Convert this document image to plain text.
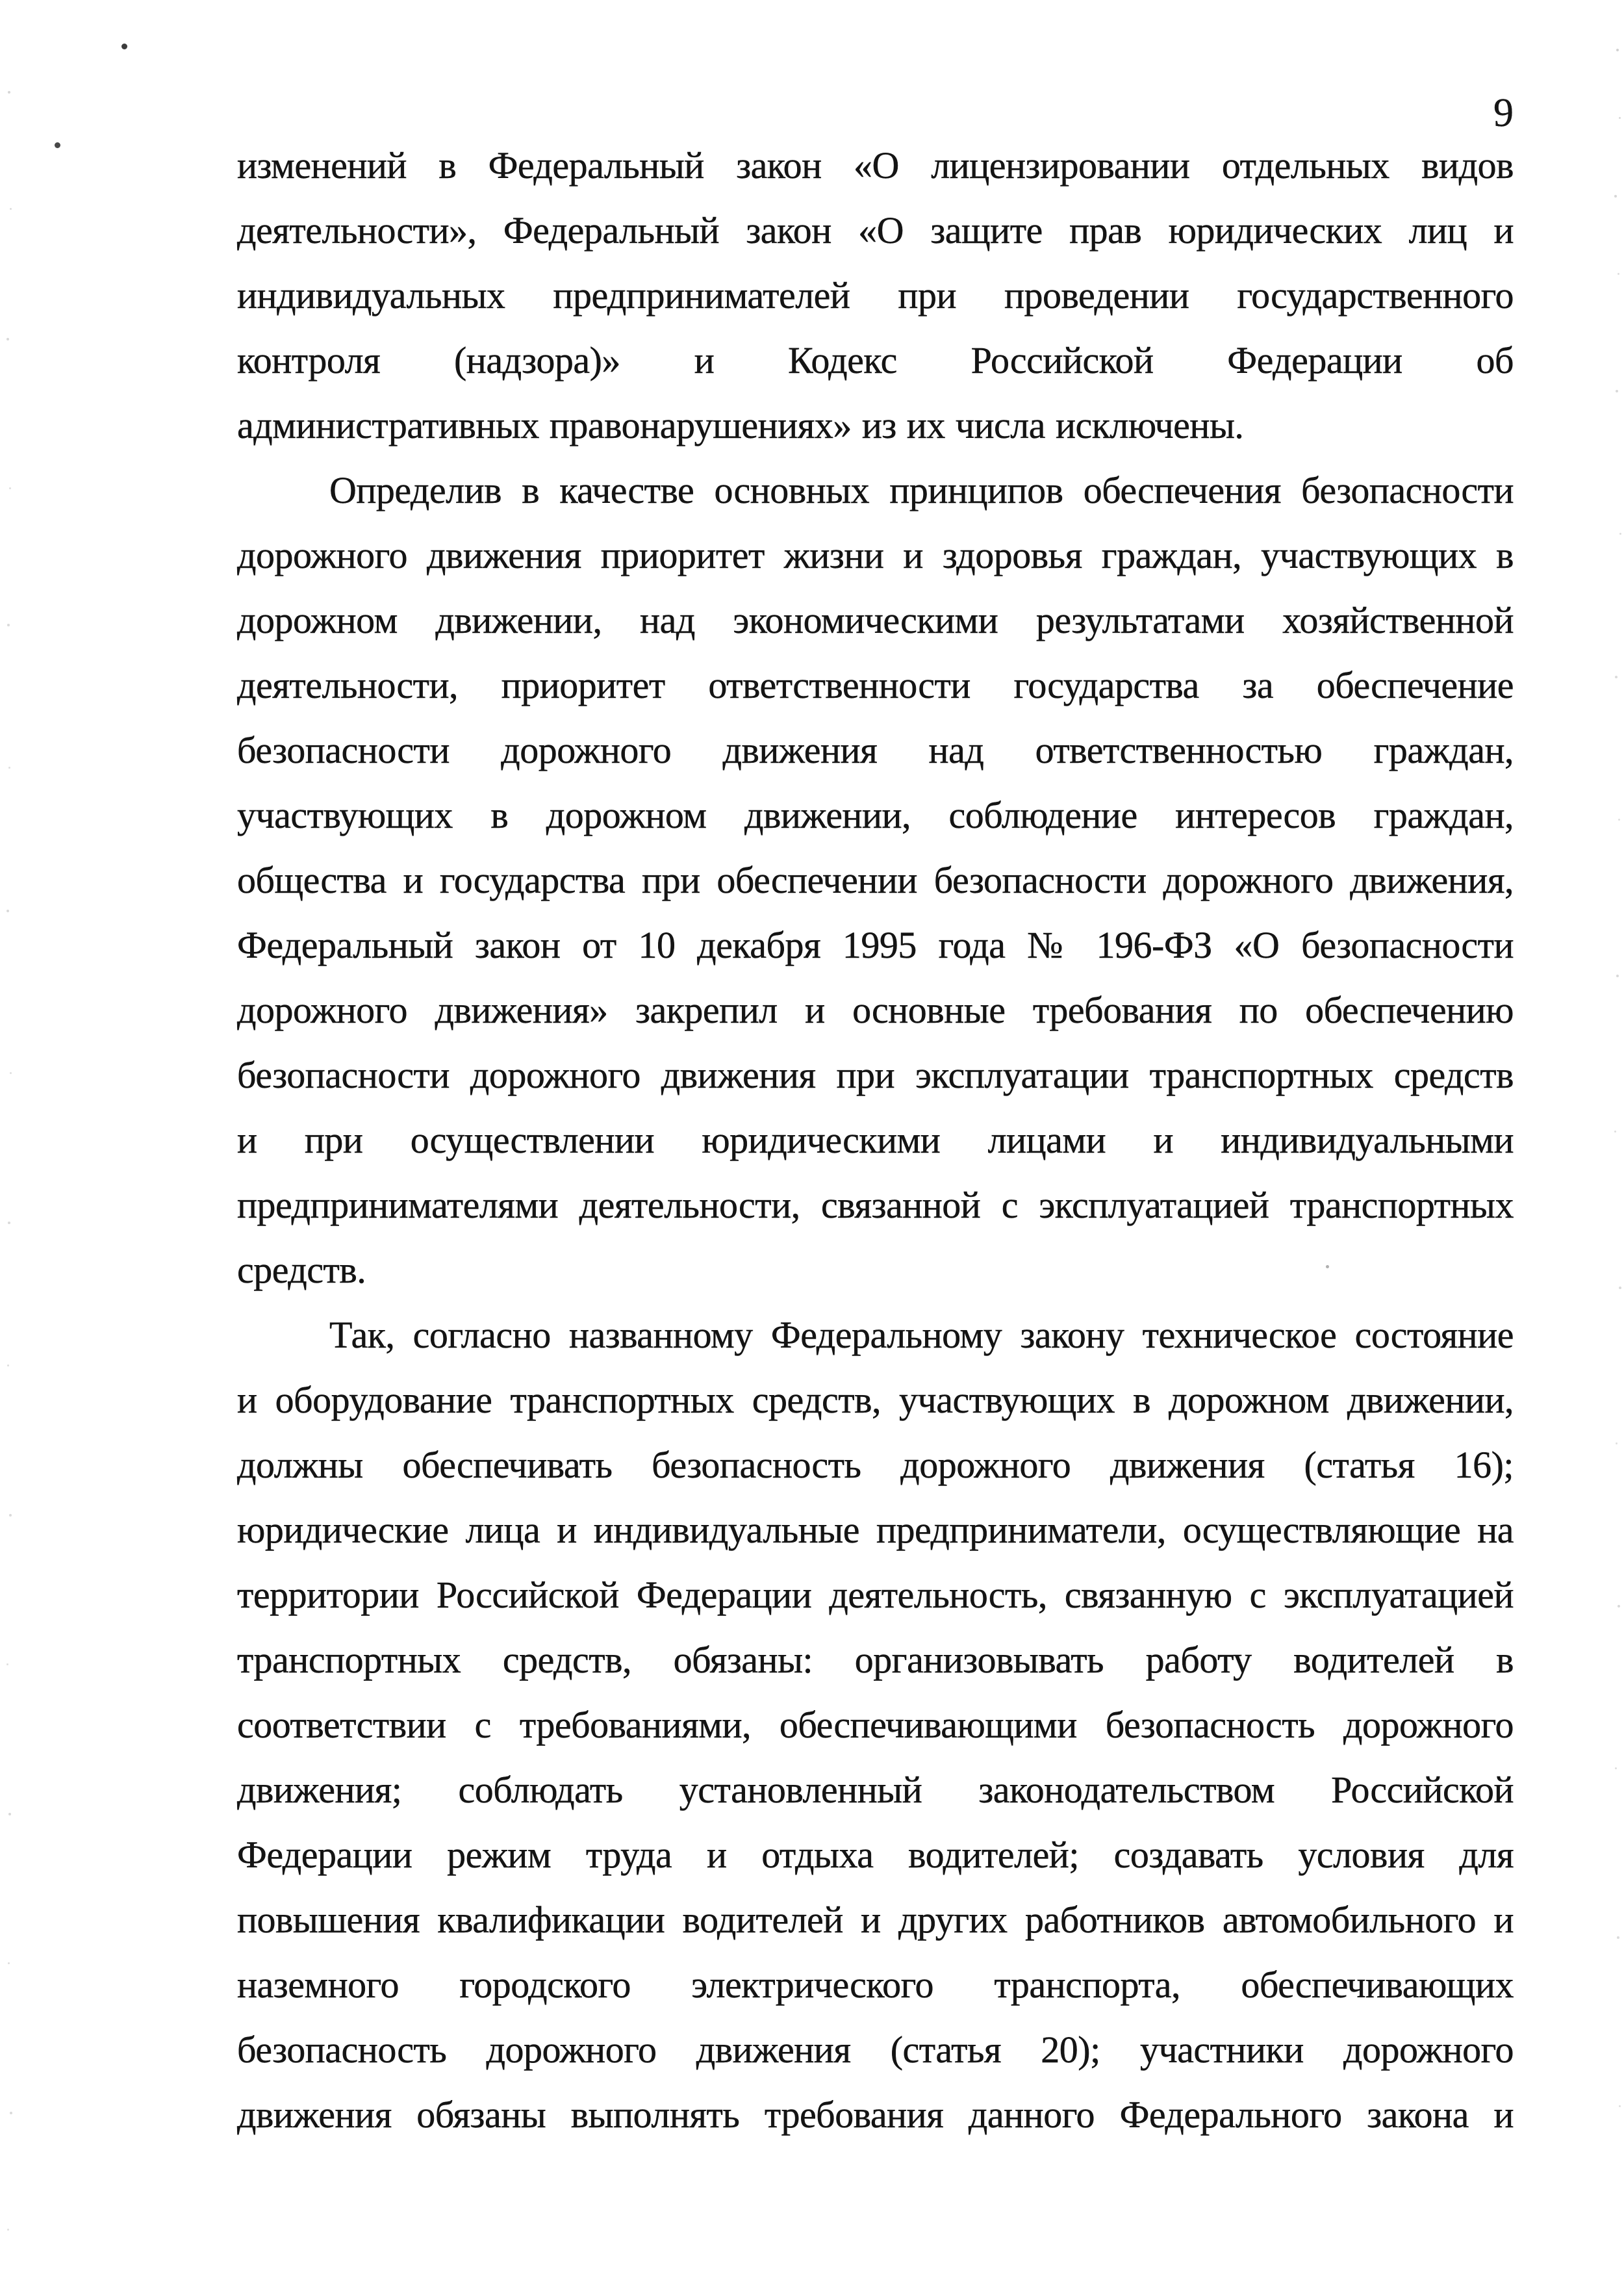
9

изменений в Федеральный закон «О лицензировании отдельных видов
деятельности», Федеральный закон «О защите прав юридических лиц и
индивидуальных предпринимателей при проведении государственного
контроля (надзора)» и Кодекс Российской Федерации об
административных правонарушениях» из их числа исключены.

Определив в качестве основных принципов обеспечения безопасности
дорожного движения приоритет жизни и здоровья граждан, участвующих в
дорожном движении, над экономическими результатами хозяйственной
деятельности, приоритет ответственности государства за обеспечение
безопасности дорожного движения над ответственностью граждан,
участвующих в дорожном движении, соблюдение интересов граждан,
общества и государства при обеспечении безопасности дорожного движения,
Федеральный закон от 10 декабря 1995 года № 196-ФЗ «О безопасности
дорожного движения» закрепил и основные требования по обеспечению
безопасности дорожного движения при эксплуатации транспортных средств
и при осуществлении юридическими лицами и индивидуальными
предпринимателями деятельности, связанной с эксплуатацией транспортных
средств.

Так, согласно названному Федеральному закону техническое состояние
и оборудование транспортных средств, участвующих в дорожном движении,
должны обеспечивать безопасность дорожного движения (статья 16);
юридические лица и индивидуальные предприниматели, осуществляющие на
территории Российской Федерации деятельность, связанную с эксплуатацией
транспортных средств, обязаны: организовывать работу водителей в
соответствии с требованиями, обеспечивающими безопасность дорожного
движения; соблюдать установленный законодательством Российской
Федерации режим труда и отдыха водителей; создавать условия для
повышения квалификации водителей и других работников автомобильного и
наземного городского электрического транспорта, обеспечивающих
безопасность дорожного движения (статья 20); участники дорожного
движения обязаны выполнять требования данного Федерального закона и
